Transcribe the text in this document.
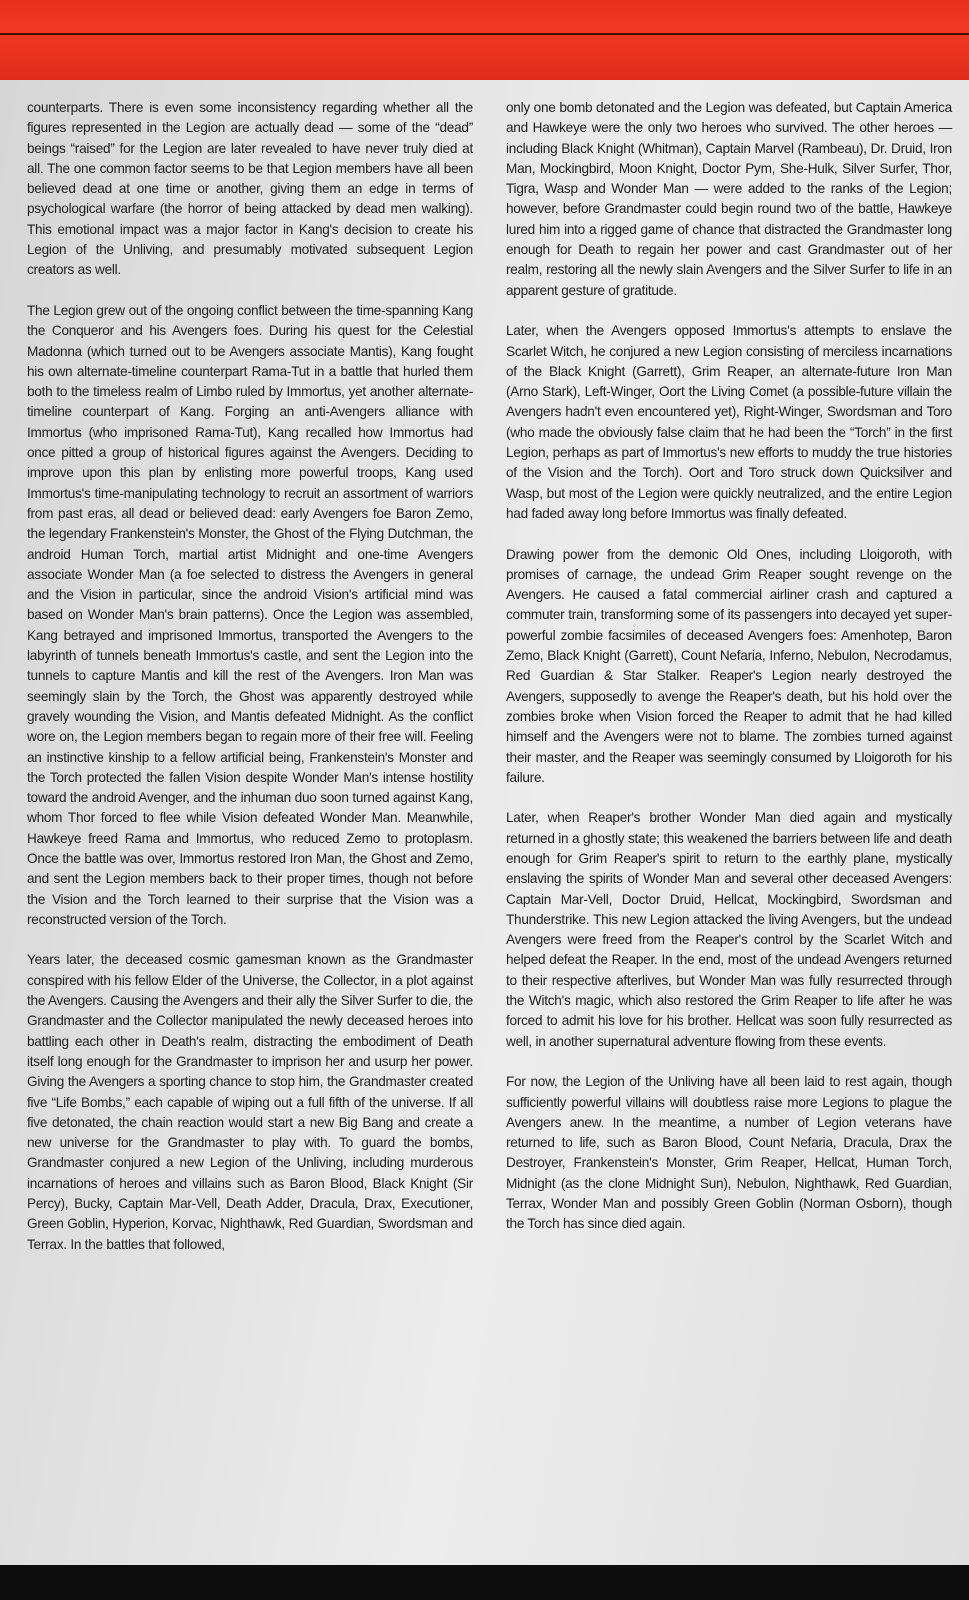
counterparts. There is even some inconsistency regarding whether all the figures represented in the Legion are actually dead — some of the “dead” beings “raised” for the Legion are later revealed to have never truly died at all. The one common factor seems to be that Legion members have all been believed dead at one time or another, giving them an edge in terms of psychological warfare (the horror of being attacked by dead men walking). This emotional impact was a major factor in Kang's decision to create his Legion of the Unliving, and presumably motivated subsequent Legion creators as well.

The Legion grew out of the ongoing conflict between the time-spanning Kang the Conqueror and his Avengers foes. During his quest for the Celestial Madonna (which turned out to be Avengers associate Mantis), Kang fought his own alternate-timeline counterpart Rama-Tut in a battle that hurled them both to the timeless realm of Limbo ruled by Immortus, yet another alternate-timeline counterpart of Kang. Forging an anti-Avengers alliance with Immortus (who imprisoned Rama-Tut), Kang recalled how Immortus had once pitted a group of historical figures against the Avengers. Deciding to improve upon this plan by enlisting more powerful troops, Kang used Immortus's time-manipulating technology to recruit an assortment of warriors from past eras, all dead or believed dead: early Avengers foe Baron Zemo, the legendary Frankenstein's Monster, the Ghost of the Flying Dutchman, the android Human Torch, martial artist Midnight and one-time Avengers associate Wonder Man (a foe selected to distress the Avengers in general and the Vision in particular, since the android Vision's artificial mind was based on Wonder Man's brain patterns). Once the Legion was assembled, Kang betrayed and imprisoned Immortus, transported the Avengers to the labyrinth of tunnels beneath Immortus's castle, and sent the Legion into the tunnels to capture Mantis and kill the rest of the Avengers. Iron Man was seemingly slain by the Torch, the Ghost was apparently destroyed while gravely wounding the Vision, and Mantis defeated Midnight. As the conflict wore on, the Legion members began to regain more of their free will. Feeling an instinctive kinship to a fellow artificial being, Frankenstein's Monster and the Torch protected the fallen Vision despite Wonder Man's intense hostility toward the android Avenger, and the inhuman duo soon turned against Kang, whom Thor forced to flee while Vision defeated Wonder Man. Meanwhile, Hawkeye freed Rama and Immortus, who reduced Zemo to protoplasm. Once the battle was over, Immortus restored Iron Man, the Ghost and Zemo, and sent the Legion members back to their proper times, though not before the Vision and the Torch learned to their surprise that the Vision was a reconstructed version of the Torch.

Years later, the deceased cosmic gamesman known as the Grandmaster conspired with his fellow Elder of the Universe, the Collector, in a plot against the Avengers. Causing the Avengers and their ally the Silver Surfer to die, the Grandmaster and the Collector manipulated the newly deceased heroes into battling each other in Death's realm, distracting the embodiment of Death itself long enough for the Grandmaster to imprison her and usurp her power. Giving the Avengers a sporting chance to stop him, the Grandmaster created five “Life Bombs,” each capable of wiping out a full fifth of the universe. If all five detonated, the chain reaction would start a new Big Bang and create a new universe for the Grandmaster to play with. To guard the bombs, Grandmaster conjured a new Legion of the Unliving, including murderous incarnations of heroes and villains such as Baron Blood, Black Knight (Sir Percy), Bucky, Captain Mar-Vell, Death Adder, Dracula, Drax, Executioner, Green Goblin, Hyperion, Korvac, Nighthawk, Red Guardian, Swordsman and Terrax. In the battles that followed,

only one bomb detonated and the Legion was defeated, but Captain America and Hawkeye were the only two heroes who survived. The other heroes — including Black Knight (Whitman), Captain Marvel (Rambeau), Dr. Druid, Iron Man, Mockingbird, Moon Knight, Doctor Pym, She-Hulk, Silver Surfer, Thor, Tigra, Wasp and Wonder Man — were added to the ranks of the Legion; however, before Grandmaster could begin round two of the battle, Hawkeye lured him into a rigged game of chance that distracted the Grandmaster long enough for Death to regain her power and cast Grandmaster out of her realm, restoring all the newly slain Avengers and the Silver Surfer to life in an apparent gesture of gratitude.

Later, when the Avengers opposed Immortus's attempts to enslave the Scarlet Witch, he conjured a new Legion consisting of merciless incarnations of the Black Knight (Garrett), Grim Reaper, an alternate-future Iron Man (Arno Stark), Left-Winger, Oort the Living Comet (a possible-future villain the Avengers hadn't even encountered yet), Right-Winger, Swordsman and Toro (who made the obviously false claim that he had been the “Torch” in the first Legion, perhaps as part of Immortus's new efforts to muddy the true histories of the Vision and the Torch). Oort and Toro struck down Quicksilver and Wasp, but most of the Legion were quickly neutralized, and the entire Legion had faded away long before Immortus was finally defeated.

Drawing power from the demonic Old Ones, including Lloigoroth, with promises of carnage, the undead Grim Reaper sought revenge on the Avengers. He caused a fatal commercial airliner crash and captured a commuter train, transforming some of its passengers into decayed yet super-powerful zombie facsimiles of deceased Avengers foes: Amenhotep, Baron Zemo, Black Knight (Garrett), Count Nefaria, Inferno, Nebulon, Necrodamus, Red Guardian & Star Stalker. Reaper's Legion nearly destroyed the Avengers, supposedly to avenge the Reaper's death, but his hold over the zombies broke when Vision forced the Reaper to admit that he had killed himself and the Avengers were not to blame. The zombies turned against their master, and the Reaper was seemingly consumed by Lloigoroth for his failure.

Later, when Reaper's brother Wonder Man died again and mystically returned in a ghostly state; this weakened the barriers between life and death enough for Grim Reaper's spirit to return to the earthly plane, mystically enslaving the spirits of Wonder Man and several other deceased Avengers: Captain Mar-Vell, Doctor Druid, Hellcat, Mockingbird, Swordsman and Thunderstrike. This new Legion attacked the living Avengers, but the undead Avengers were freed from the Reaper's control by the Scarlet Witch and helped defeat the Reaper. In the end, most of the undead Avengers returned to their respective afterlives, but Wonder Man was fully resurrected through the Witch's magic, which also restored the Grim Reaper to life after he was forced to admit his love for his brother. Hellcat was soon fully resurrected as well, in another supernatural adventure flowing from these events.

For now, the Legion of the Unliving have all been laid to rest again, though sufficiently powerful villains will doubtless raise more Legions to plague the Avengers anew. In the meantime, a number of Legion veterans have returned to life, such as Baron Blood, Count Nefaria, Dracula, Drax the Destroyer, Frankenstein's Monster, Grim Reaper, Hellcat, Human Torch, Midnight (as the clone Midnight Sun), Nebulon, Nighthawk, Red Guardian, Terrax, Wonder Man and possibly Green Goblin (Norman Osborn), though the Torch has since died again.
